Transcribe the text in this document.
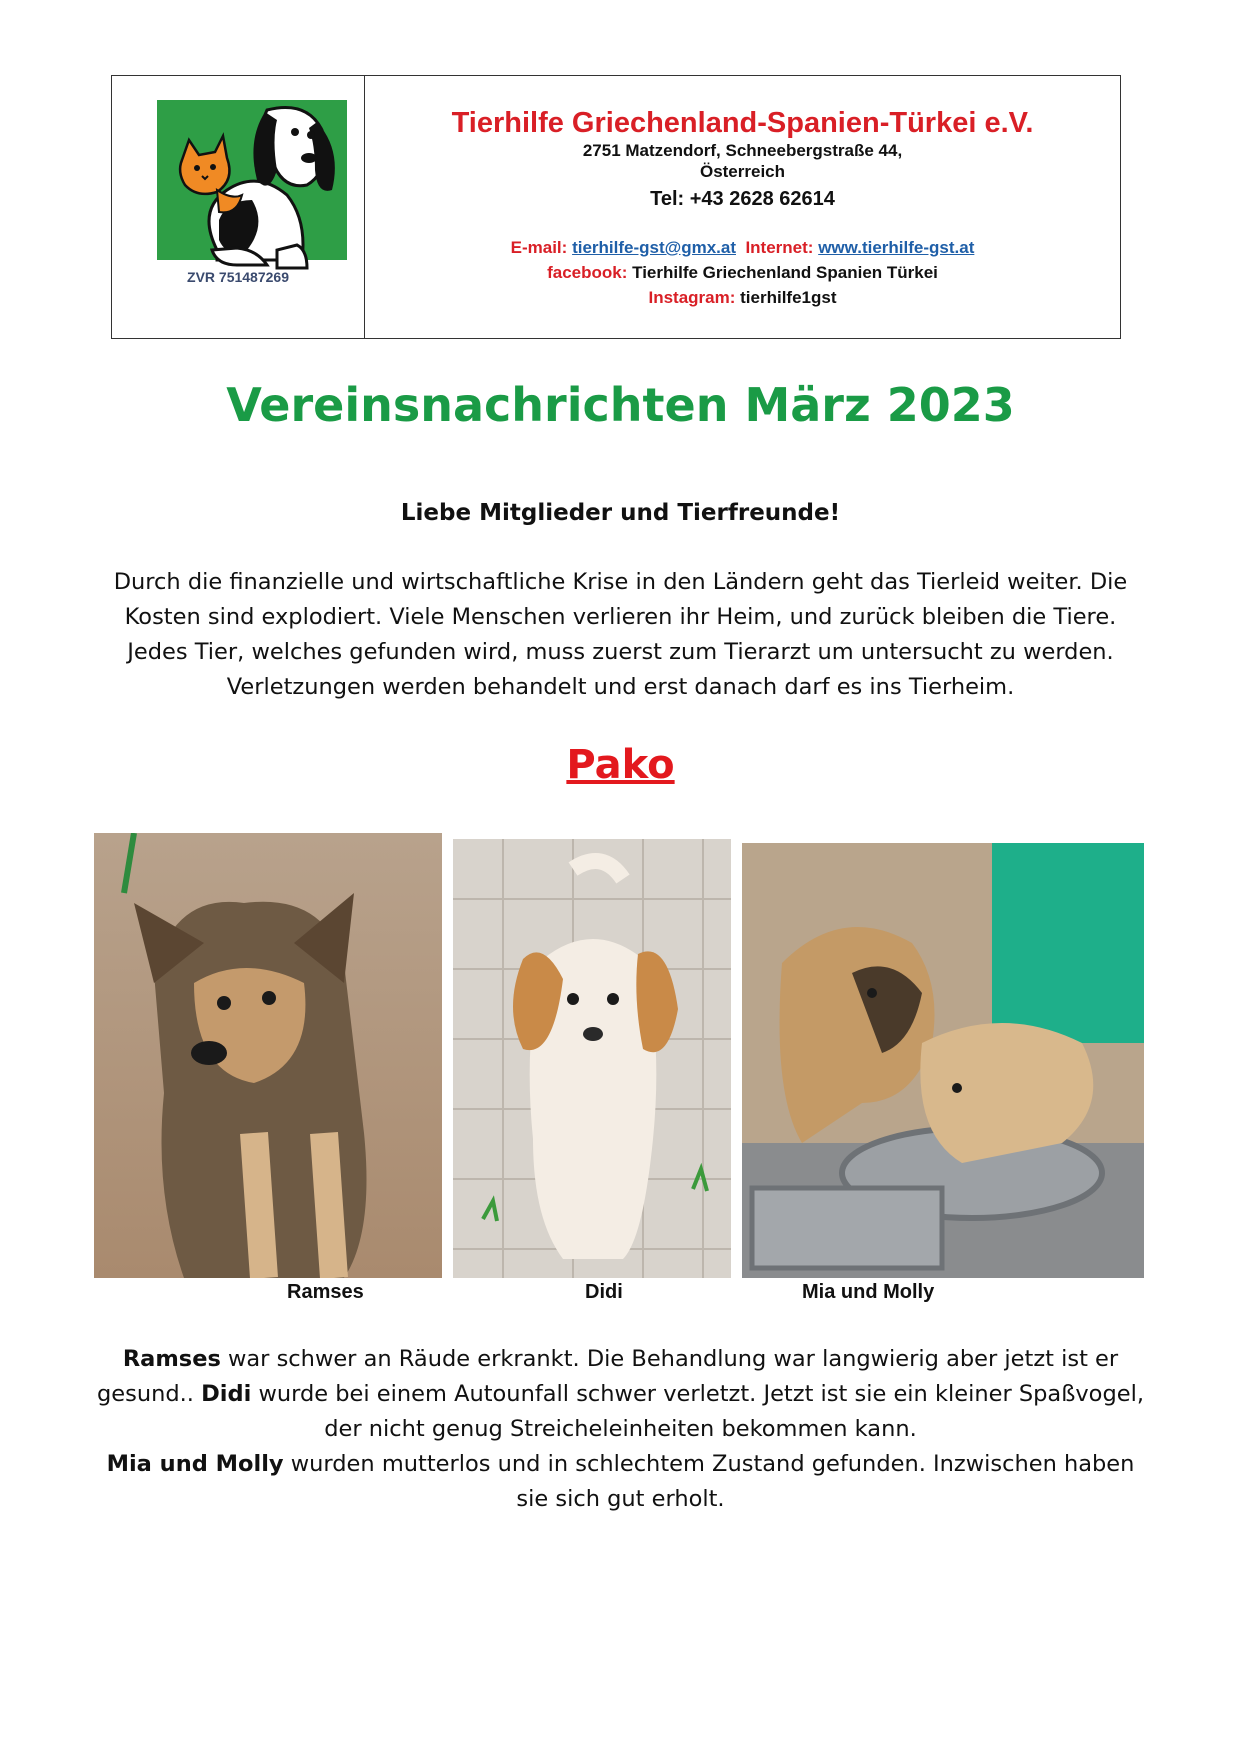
ZVR 751487269
Tierhilfe Griechenland-Spanien-Türkei e.V.
2751 Matzendorf, Schneebergstraße 44,
Österreich
Tel: +43 2628 62614
E-mail: tierhilfe-gst@gmx.at Internet: www.tierhilfe-gst.at
facebook: Tierhilfe Griechenland Spanien Türkei
Instagram: tierhilfe1gst
Vereinsnachrichten März 2023
Liebe Mitglieder und Tierfreunde!
Durch die finanzielle und wirtschaftliche Krise in den Ländern geht das Tierleid weiter. Die
Kosten sind explodiert. Viele Menschen verlieren ihr Heim, und zurück bleiben die Tiere.
Jedes Tier, welches gefunden wird, muss zuerst zum Tierarzt um untersucht zu werden.
Verletzungen werden behandelt und erst danach darf es ins Tierheim.
Pako
Ramses	Didi	Mia und Molly
Ramses war schwer an Räude erkrankt. Die Behandlung war langwierig aber jetzt ist er
gesund.. Didi wurde bei einem Autounfall schwer verletzt. Jetzt ist sie ein kleiner Spaßvogel,
der nicht genug Streicheleinheiten bekommen kann.
Mia und Molly wurden mutterlos und in schlechtem Zustand gefunden. Inzwischen haben
sie sich gut erholt.
